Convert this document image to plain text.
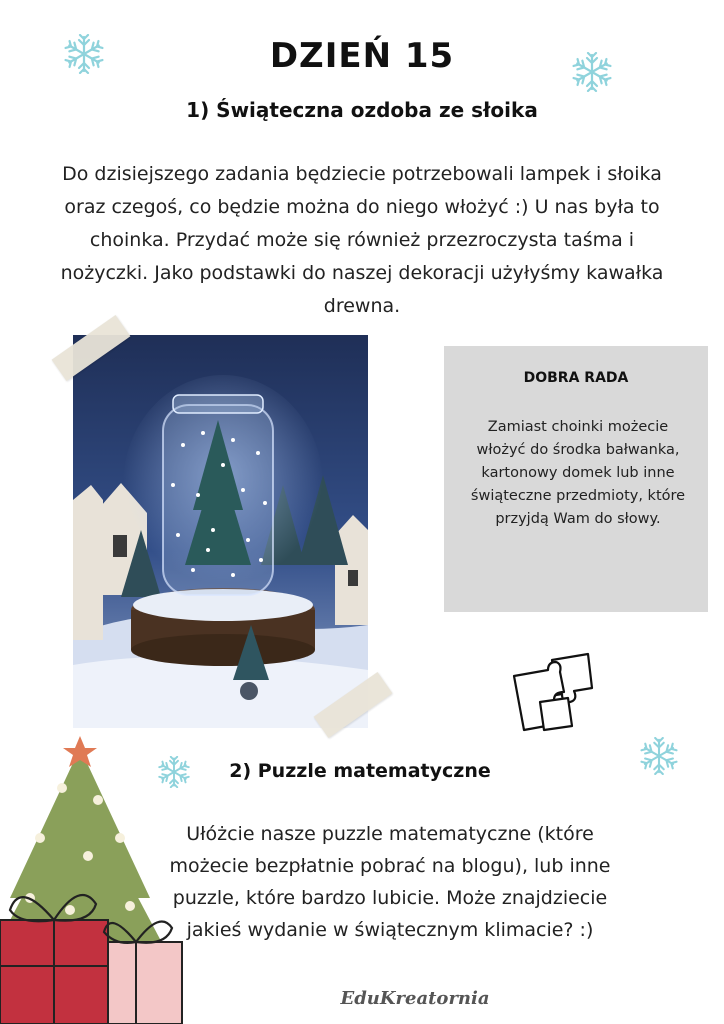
DZIEŃ 15
1) Świąteczna ozdoba ze słoika
Do dzisiejszego zadania będziecie potrzebowali lampek i słoika oraz czegoś, co będzie można do niego włożyć :) U nas była to choinka. Przydać może się również przezroczysta taśma i nożyczki. Jako podstawki do naszej dekoracji użyłyśmy kawałka drewna.
DOBRA RADA
Zamiast choinki możecie włożyć do środka bałwanka, kartonowy domek lub inne świąteczne przedmioty, które przyjdą Wam do słowy.
2) Puzzle matematyczne
Ułóżcie nasze puzzle matematyczne (które możecie bezpłatnie pobrać na blogu), lub inne puzzle, które bardzo lubicie. Może znajdziecie jakieś wydanie w świątecznym klimacie? :)
EduKreatornia
